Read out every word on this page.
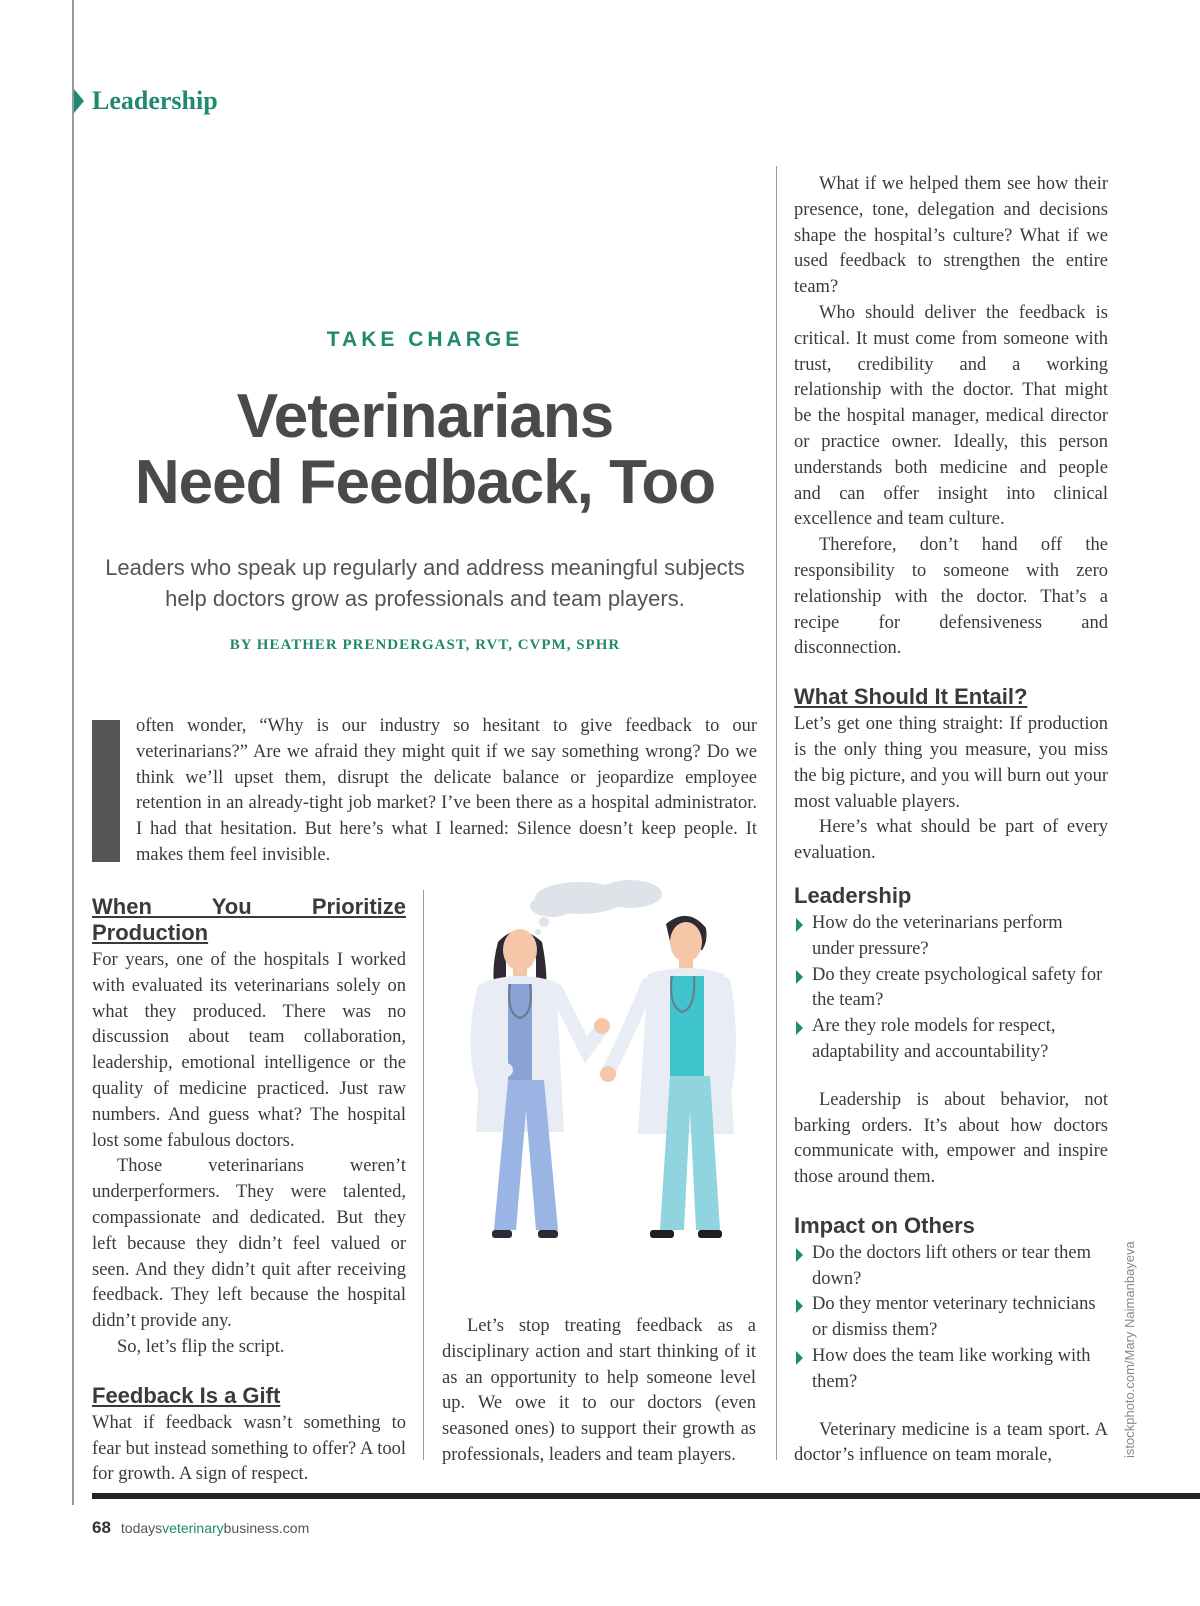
Leadership
TAKE CHARGE
Veterinarians
Need Feedback, Too

Leaders who speak up regularly and address meaningful subjects
help doctors grow as professionals and team players.

BY HEATHER PRENDERGAST, RVT, CVPM, SPHR

often wonder, “Why is our industry so hesitant to give feedback to our veterinarians?” Are we afraid they might quit if we say something wrong? Do we think we’ll upset them, disrupt the delicate balance or jeopardize employee retention in an already-tight job market? I’ve been there as a hospital administrator. I had that hesitation. But here’s what I learned: Silence doesn’t keep people. It makes them feel invisible.

When You Prioritize Production

For years, one of the hospitals I worked with evaluated its veterinarians solely on what they produced. There was no discussion about team collaboration, leadership, emotional intelligence or the quality of medicine practiced. Just raw numbers. And guess what? The hospital lost some fabulous doctors.

Those veterinarians weren’t underperformers. They were talented, compassionate and dedicated. But they left because they didn’t feel valued or seen. And they didn’t quit after receiving feedback. They left because the hospital didn’t provide any.

So, let’s flip the script.

Feedback Is a Gift

What if feedback wasn’t something to fear but instead something to offer? A tool for growth. A sign of respect.

Let’s stop treating feedback as a disciplinary action and start thinking of it as an opportunity to help someone level up. We owe it to our doctors (even seasoned ones) to support their growth as professionals, leaders and team players.

What if we helped them see how their presence, tone, delegation and decisions shape the hospital’s culture? What if we used feedback to strengthen the entire team?

Who should deliver the feedback is critical. It must come from someone with trust, credibility and a working relationship with the doctor. That might be the hospital manager, medical director or practice owner. Ideally, this person understands both medicine and people and can offer insight into clinical excellence and team culture.

Therefore, don’t hand off the responsibility to someone with zero relationship with the doctor. That’s a recipe for defensiveness and disconnection.

What Should It Entail?

Let’s get one thing straight: If production is the only thing you measure, you miss the big picture, and you will burn out your most valuable players.

Here’s what should be part of every evaluation.

Leadership
How do the veterinarians perform under pressure?
Do they create psychological safety for the team?
Are they role models for respect, adaptability and accountability?

Leadership is about behavior, not barking orders. It’s about how doctors communicate with, empower and inspire those around them.

Impact on Others
Do the doctors lift others or tear them down?
Do they mentor veterinary technicians or dismiss them?
How does the team like working with them?

Veterinary medicine is a team sport. A doctor’s influence on team morale,	istockphoto.com/Mary Naimanbayeva
68 todaysveterinarybusiness.com
